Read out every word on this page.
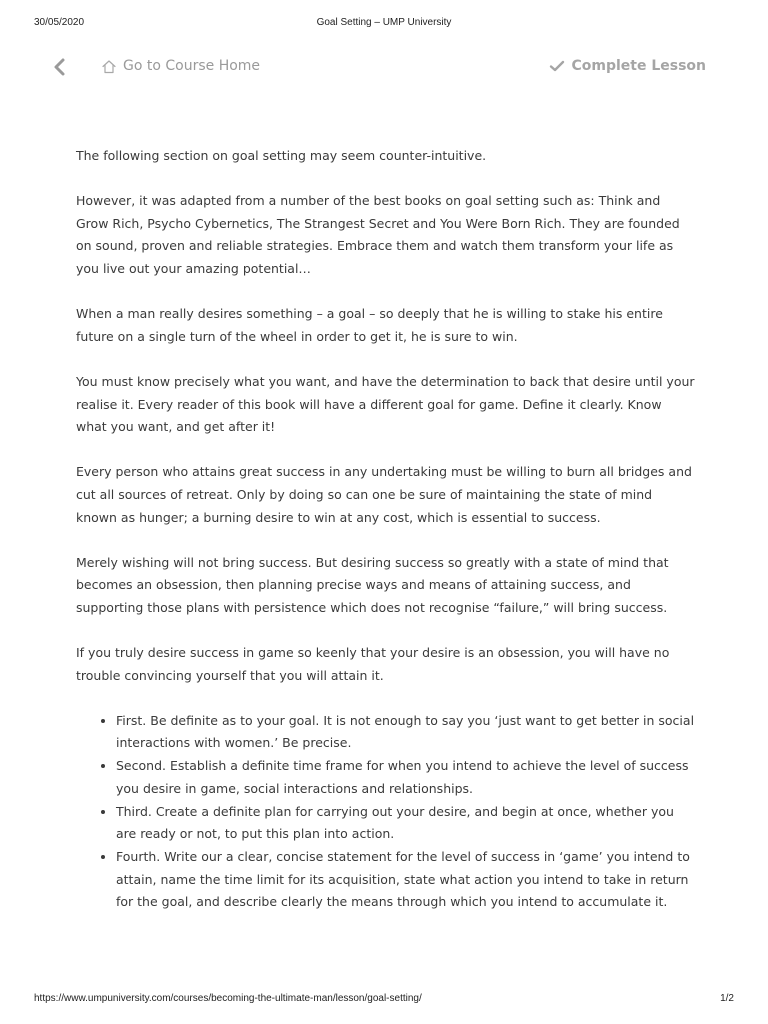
30/05/2020	Goal Setting – UMP University
Go to Course Home	Complete Lesson

The following section on goal setting may seem counter-intuitive.

However, it was adapted from a number of the best books on goal setting such as: Think and Grow Rich, Psycho Cybernetics, The Strangest Secret and You Were Born Rich. They are founded on sound, proven and reliable strategies. Embrace them and watch them transform your life as you live out your amazing potential…

When a man really desires something – a goal – so deeply that he is willing to stake his entire future on a single turn of the wheel in order to get it, he is sure to win.

You must know precisely what you want, and have the determination to back that desire until your realise it. Every reader of this book will have a different goal for game. Define it clearly. Know what you want, and get after it!

Every person who attains great success in any undertaking must be willing to burn all bridges and cut all sources of retreat. Only by doing so can one be sure of maintaining the state of mind known as hunger; a burning desire to win at any cost, which is essential to success.

Merely wishing will not bring success. But desiring success so greatly with a state of mind that becomes an obsession, then planning precise ways and means of attaining success, and supporting those plans with persistence which does not recognise “failure,” will bring success.

If you truly desire success in game so keenly that your desire is an obsession, you will have no trouble convincing yourself that you will attain it.

• First. Be definite as to your goal. It is not enough to say you ‘just want to get better in social interactions with women.’ Be precise.
• Second. Establish a definite time frame for when you intend to achieve the level of success you desire in game, social interactions and relationships.
• Third. Create a definite plan for carrying out your desire, and begin at once, whether you are ready or not, to put this plan into action.
• Fourth. Write our a clear, concise statement for the level of success in ‘game’ you intend to attain, name the time limit for its acquisition, state what action you intend to take in return for the goal, and describe clearly the means through which you intend to accumulate it.
https://www.umpuniversity.com/courses/becoming-the-ultimate-man/lesson/goal-setting/	1/2
